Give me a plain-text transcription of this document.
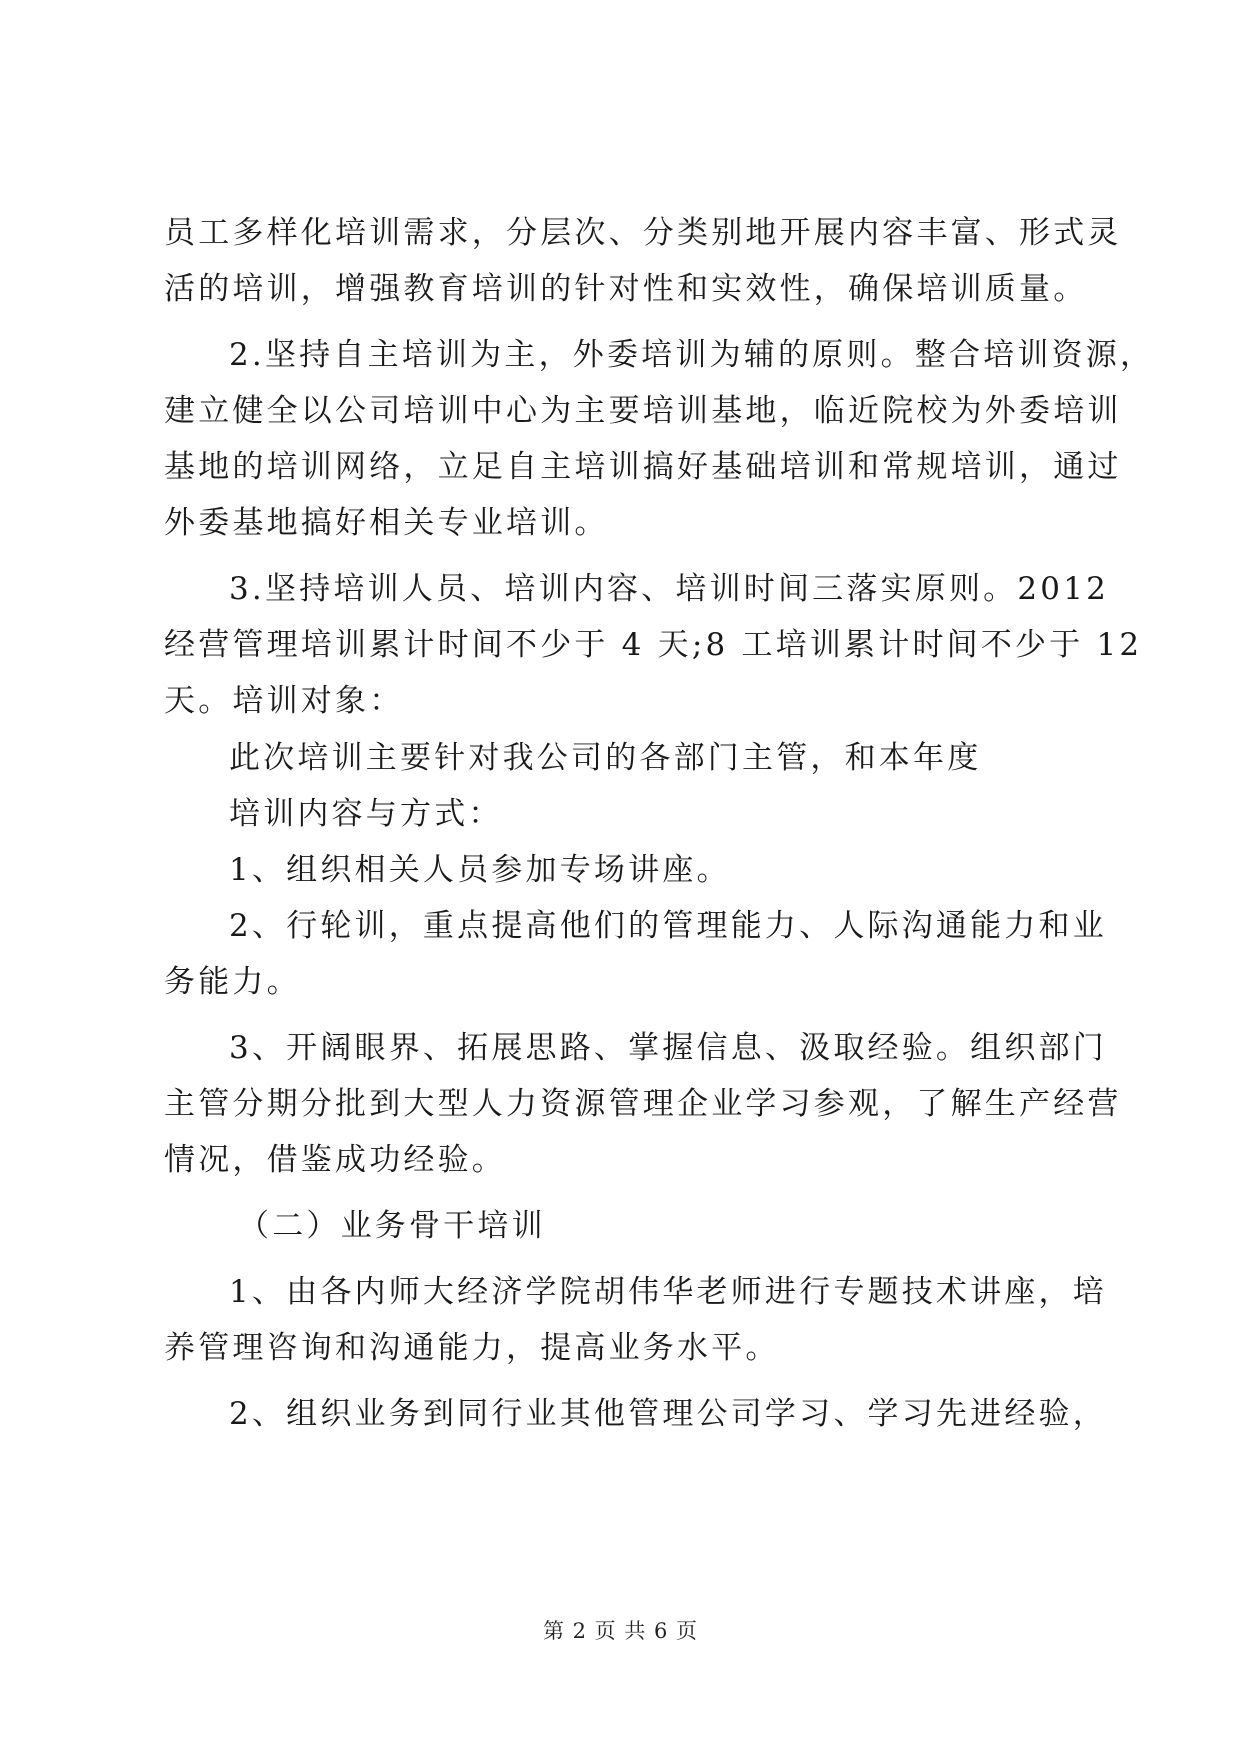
员工多样化培训需求，分层次、分类别地开展内容丰富、形式灵
活的培训，增强教育培训的针对性和实效性，确保培训质量。
2.坚持自主培训为主，外委培训为辅的原则。整合培训资源，
建立健全以公司培训中心为主要培训基地，临近院校为外委培训
基地的培训网络，立足自主培训搞好基础培训和常规培训，通过
外委基地搞好相关专业培训。
3.坚持培训人员、培训内容、培训时间三落实原则。2012
经营管理培训累计时间不少于 4 天;8 工培训累计时间不少于 12
天。培训对象：
此次培训主要针对我公司的各部门主管，和本年度
培训内容与方式：
1、组织相关人员参加专场讲座。
2、行轮训，重点提高他们的管理能力、人际沟通能力和业
务能力。
3、开阔眼界、拓展思路、掌握信息、汲取经验。组织部门
主管分期分批到大型人力资源管理企业学习参观，了解生产经营
情况，借鉴成功经验。
（二）业务骨干培训
1、由各内师大经济学院胡伟华老师进行专题技术讲座，培
养管理咨询和沟通能力，提高业务水平。
2、组织业务到同行业其他管理公司学习、学习先进经验，
第 2 页 共 6 页
